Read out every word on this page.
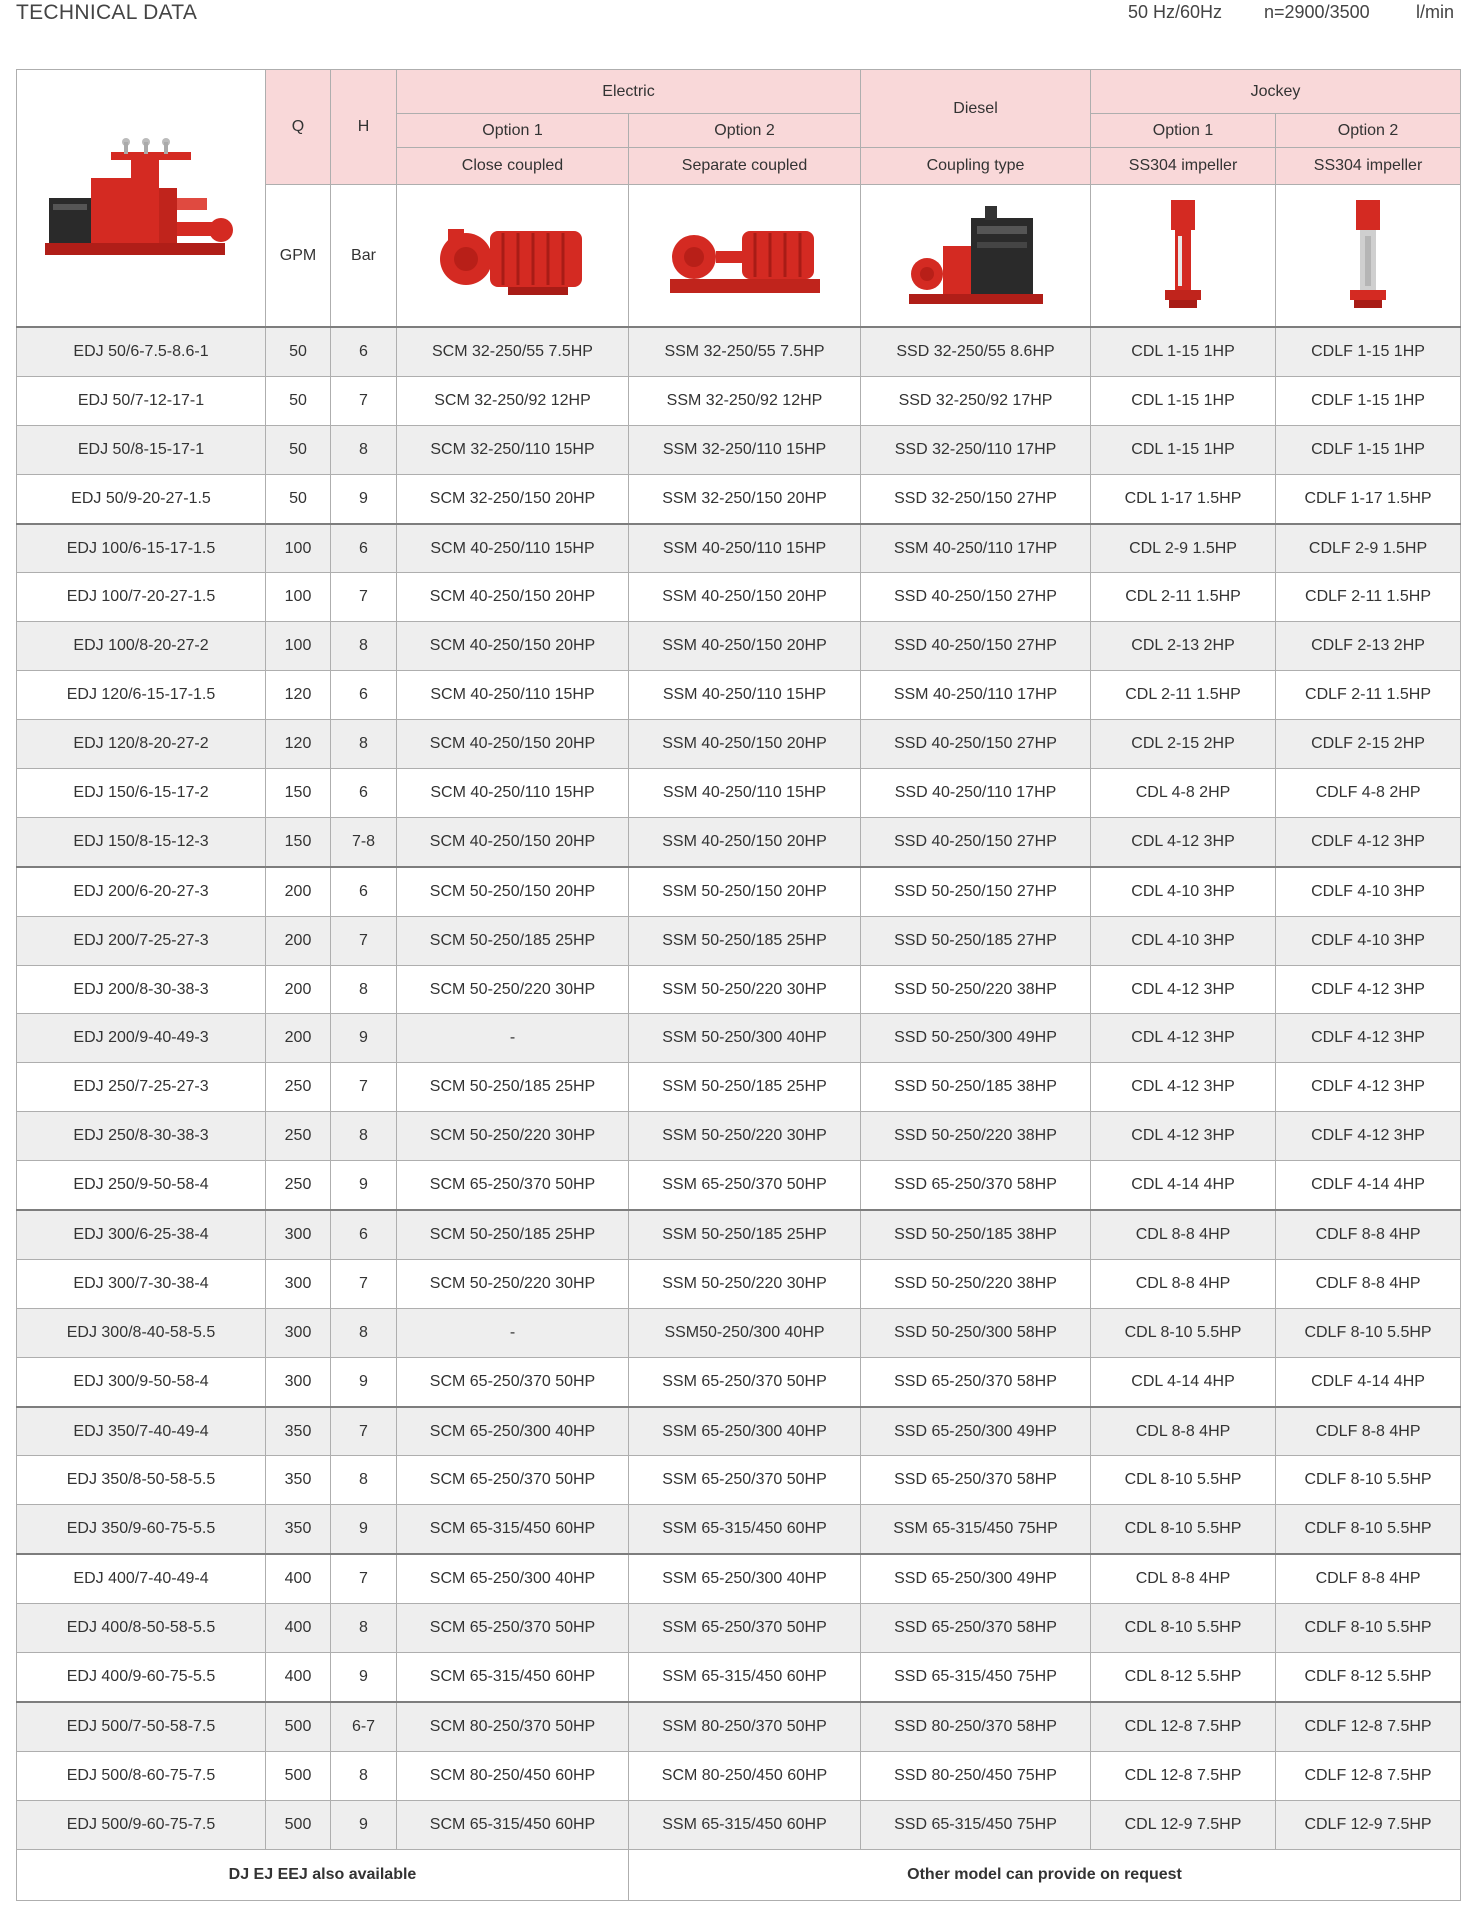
TECHNICAL DATA	50 Hz/60Hz n=2900/3500	l/min
	Q	H	Electric		Diesel	Jockey	
			Option 1	Option 2		Option 1	Option 2
			Close coupled	Separate coupled	Coupling type	SS304 impeller	SS304 impeller
	GPM	Bar	

EDJ 50/6-7.5-8.6-1	50	6	SCM 32-250/55 7.5HP	SSM 32-250/55 7.5HP	SSD 32-250/55 8.6HP	CDL 1-15 1HP	CDLF 1-15 1HP
EDJ 50/7-12-17-1	50	7	SCM 32-250/92 12HP	SSM 32-250/92 12HP	SSD 32-250/92 17HP	CDL 1-15 1HP	CDLF 1-15 1HP
EDJ 50/8-15-17-1	50	8	SCM 32-250/110 15HP	SSM 32-250/110 15HP	SSD 32-250/110 17HP	CDL 1-15 1HP	CDLF 1-15 1HP
EDJ 50/9-20-27-1.5	50	9	SCM 32-250/150 20HP	SSM 32-250/150 20HP	SSD 32-250/150 27HP	CDL 1-17 1.5HP	CDLF 1-17 1.5HP
EDJ 100/6-15-17-1.5	100	6	SCM 40-250/110 15HP	SSM 40-250/110 15HP	SSM 40-250/110 17HP	CDL 2-9 1.5HP	CDLF 2-9 1.5HP
EDJ 100/7-20-27-1.5	100	7	SCM 40-250/150 20HP	SSM 40-250/150 20HP	SSD 40-250/150 27HP	CDL 2-11 1.5HP	CDLF 2-11 1.5HP
EDJ 100/8-20-27-2	100	8	SCM 40-250/150 20HP	SSM 40-250/150 20HP	SSD 40-250/150 27HP	CDL 2-13 2HP	CDLF 2-13 2HP
EDJ 120/6-15-17-1.5	120	6	SCM 40-250/110 15HP	SSM 40-250/110 15HP	SSM 40-250/110 17HP	CDL 2-11 1.5HP	CDLF 2-11 1.5HP
EDJ 120/8-20-27-2	120	8	SCM 40-250/150 20HP	SSM 40-250/150 20HP	SSD 40-250/150 27HP	CDL 2-15 2HP	CDLF 2-15 2HP
EDJ 150/6-15-17-2	150	6	SCM 40-250/110 15HP	SSM 40-250/110 15HP	SSD 40-250/110 17HP	CDL 4-8 2HP	CDLF 4-8 2HP
EDJ 150/8-15-12-3	150	7-8	SCM 40-250/150 20HP	SSM 40-250/150 20HP	SSD 40-250/150 27HP	CDL 4-12 3HP	CDLF 4-12 3HP
EDJ 200/6-20-27-3	200	6	SCM 50-250/150 20HP	SSM 50-250/150 20HP	SSD 50-250/150 27HP	CDL 4-10 3HP	CDLF 4-10 3HP
EDJ 200/7-25-27-3	200	7	SCM 50-250/185 25HP	SSM 50-250/185 25HP	SSD 50-250/185 27HP	CDL 4-10 3HP	CDLF 4-10 3HP
EDJ 200/8-30-38-3	200	8	SCM 50-250/220 30HP	SSM 50-250/220 30HP	SSD 50-250/220 38HP	CDL 4-12 3HP	CDLF 4-12 3HP
EDJ 200/9-40-49-3	200	9	-	SSM 50-250/300 40HP	SSD 50-250/300 49HP	CDL 4-12 3HP	CDLF 4-12 3HP
EDJ 250/7-25-27-3	250	7	SCM 50-250/185 25HP	SSM 50-250/185 25HP	SSD 50-250/185 38HP	CDL 4-12 3HP	CDLF 4-12 3HP
EDJ 250/8-30-38-3	250	8	SCM 50-250/220 30HP	SSM 50-250/220 30HP	SSD 50-250/220 38HP	CDL 4-12 3HP	CDLF 4-12 3HP
EDJ 250/9-50-58-4	250	9	SCM 65-250/370 50HP	SSM 65-250/370 50HP	SSD 65-250/370 58HP	CDL 4-14 4HP	CDLF 4-14 4HP
EDJ 300/6-25-38-4	300	6	SCM 50-250/185 25HP	SSM 50-250/185 25HP	SSD 50-250/185 38HP	CDL 8-8 4HP	CDLF 8-8 4HP
EDJ 300/7-30-38-4	300	7	SCM 50-250/220 30HP	SSM 50-250/220 30HP	SSD 50-250/220 38HP	CDL 8-8 4HP	CDLF 8-8 4HP
EDJ 300/8-40-58-5.5	300	8	-	SSM50-250/300 40HP	SSD 50-250/300 58HP	CDL 8-10 5.5HP	CDLF 8-10 5.5HP
EDJ 300/9-50-58-4	300	9	SCM 65-250/370 50HP	SSM 65-250/370 50HP	SSD 65-250/370 58HP	CDL 4-14 4HP	CDLF 4-14 4HP
EDJ 350/7-40-49-4	350	7	SCM 65-250/300 40HP	SSM 65-250/300 40HP	SSD 65-250/300 49HP	CDL 8-8 4HP	CDLF 8-8 4HP
EDJ 350/8-50-58-5.5	350	8	SCM 65-250/370 50HP	SSM 65-250/370 50HP	SSD 65-250/370 58HP	CDL 8-10 5.5HP	CDLF 8-10 5.5HP
EDJ 350/9-60-75-5.5	350	9	SCM 65-315/450 60HP	SSM 65-315/450 60HP	SSM 65-315/450 75HP	CDL 8-10 5.5HP	CDLF 8-10 5.5HP
EDJ 400/7-40-49-4	400	7	SCM 65-250/300 40HP	SSM 65-250/300 40HP	SSD 65-250/300 49HP	CDL 8-8 4HP	CDLF 8-8 4HP
EDJ 400/8-50-58-5.5	400	8	SCM 65-250/370 50HP	SSM 65-250/370 50HP	SSD 65-250/370 58HP	CDL 8-10 5.5HP	CDLF 8-10 5.5HP
EDJ 400/9-60-75-5.5	400	9	SCM 65-315/450 60HP	SSM 65-315/450 60HP	SSD 65-315/450 75HP	CDL 8-12 5.5HP	CDLF 8-12 5.5HP
EDJ 500/7-50-58-7.5	500	6-7	SCM 80-250/370 50HP	SSM 80-250/370 50HP	SSD 80-250/370 58HP	CDL 12-8 7.5HP	CDLF 12-8 7.5HP
EDJ 500/8-60-75-7.5	500	8	SCM 80-250/450 60HP	SCM 80-250/450 60HP	SSD 80-250/450 75HP	CDL 12-8 7.5HP	CDLF 12-8 7.5HP
EDJ 500/9-60-75-7.5	500	9	SCM 65-315/450 60HP	SSM 65-315/450 60HP	SSD 65-315/450 75HP	CDL 12-9 7.5HP	CDLF 12-9 7.5HP
DJ EJ EEJ also available				Other model can provide on request			
